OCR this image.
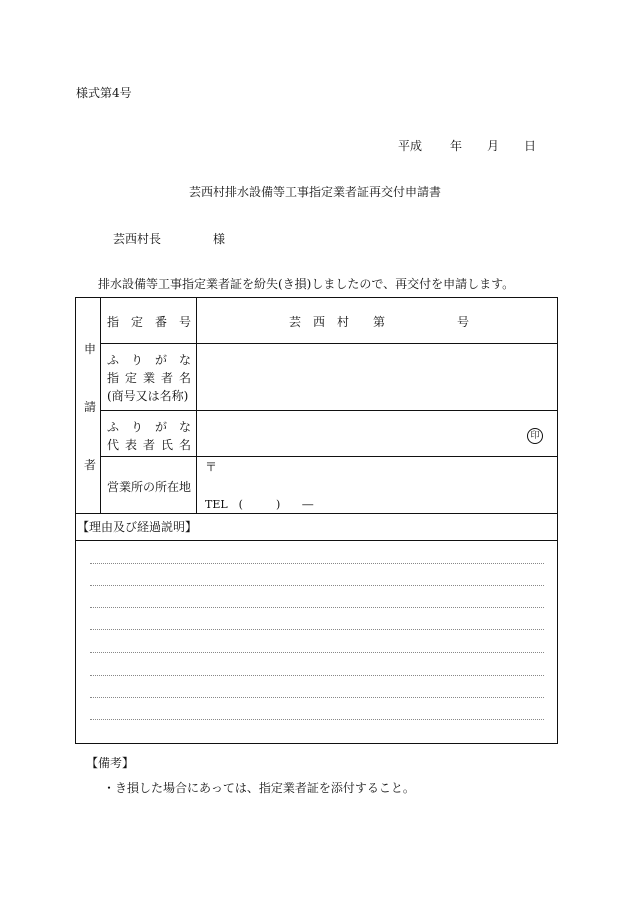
様式第4号
平成 年 月 日
芸西村排水設備等工事指定業者証再交付申請書
芸西村長	様
排水設備等工事指定業者証を紛失(き損)しましたので、再交付を申請します。
申
請
者
指　定　番　号	芸　西　村　　第　　　　　　号
ふ　り　が　な
指定業者名
(商号又は名称)
ふ　り　が　な
代表者氏名
印
営業所の所在地
〒
TEL　(　　　)　　―
【理由及び経過説明】
【備考】
・き損した場合にあっては、指定業者証を添付すること。
